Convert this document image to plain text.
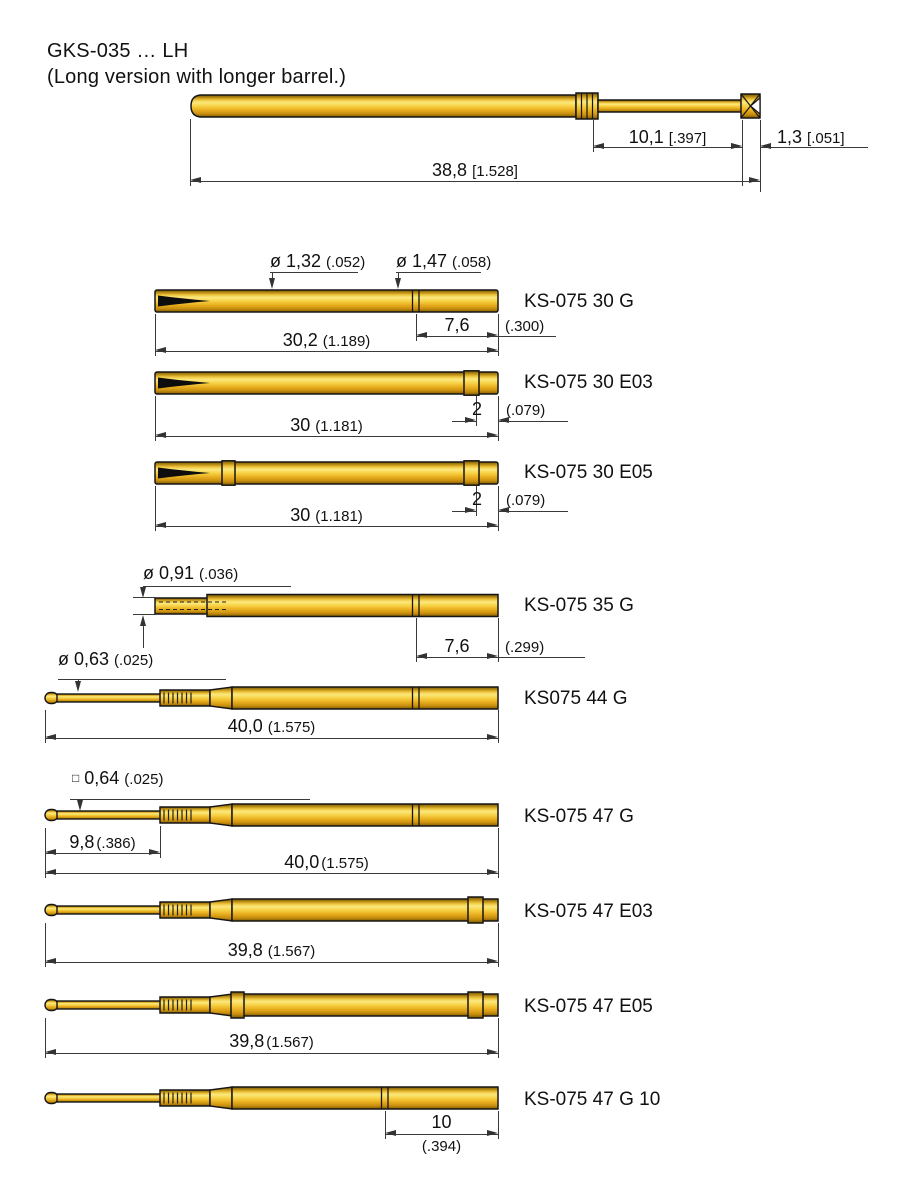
GKS-035 … LH
(Long version with longer barrel.)
10,1 [.397]	1,3 [.051]
38,8 [1.528]
ø 1,32 (.052) ø 1,47 (.058)
KS-075 30 G
7,6 (.300)
30,2 (1.189)
KS-075 30 E03
2 (.079)
30 (1.181)
KS-075 30 E05
2 (.079)
30 (1.181)
ø 0,91 (.036)
KS-075 35 G
7,6 (.299)
ø 0,63 (.025)
KS075 44 G
40,0 (1.575)
□ 0,64 (.025)
KS-075 47 G
9,8 (.386)
40,0 (1.575)
KS-075 47 E03
39,8 (1.567)
KS-075 47 E05
39,8 (1.567)
KS-075 47 G 10
10
(.394)
